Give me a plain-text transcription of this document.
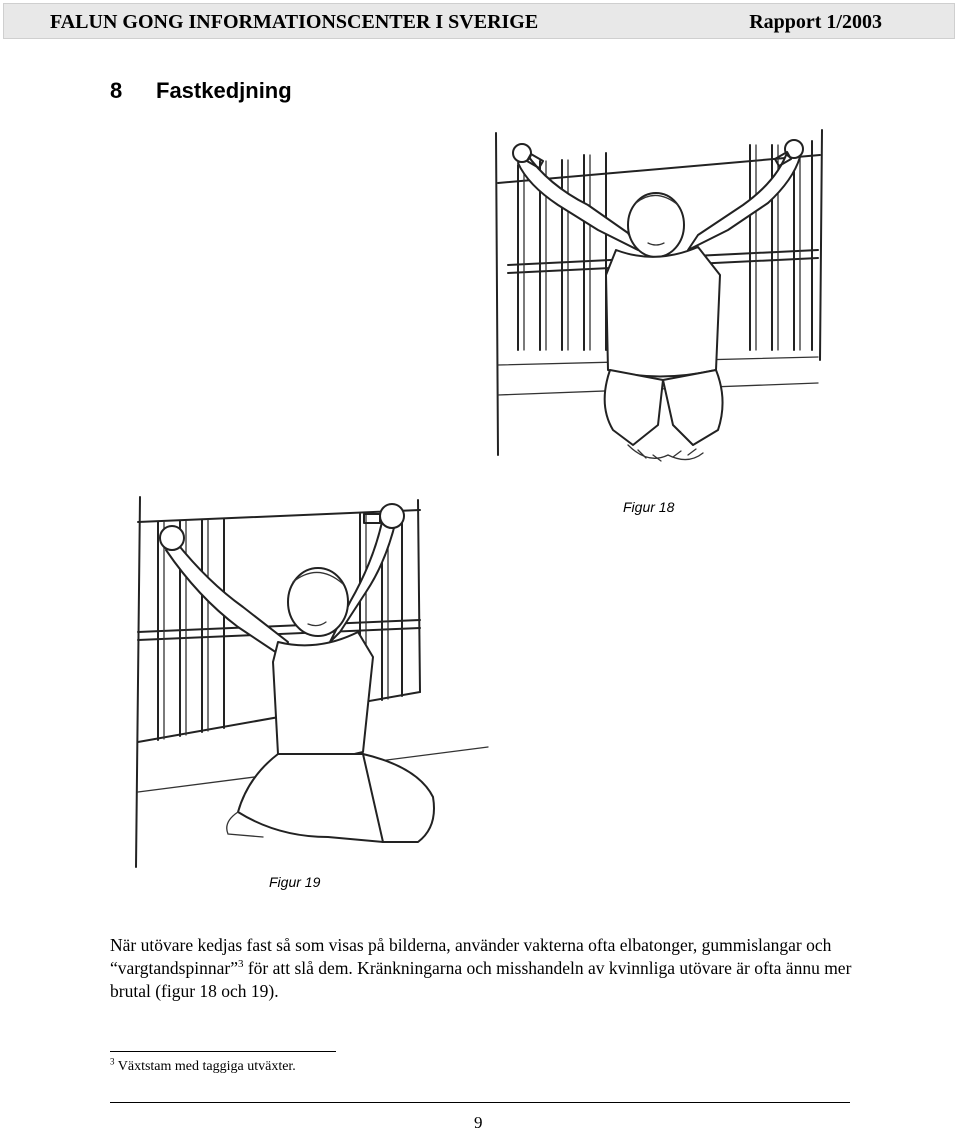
FALUN GONG INFORMATIONSCENTER I SVERIGE	Rapport 1/2003
8 Fastkedjning
Figur 18
Figur 19
När utövare kedjas fast så som visas på bilderna, använder vakterna ofta elbatonger, gummislangar och “vargtandspinnar”$^3$ för att slå dem. Kränkningarna och misshandeln av kvinnliga utövare är ofta ännu mer brutal (figur 18 och 19).
$^3$ Växtstam med taggiga utväxter.
9
